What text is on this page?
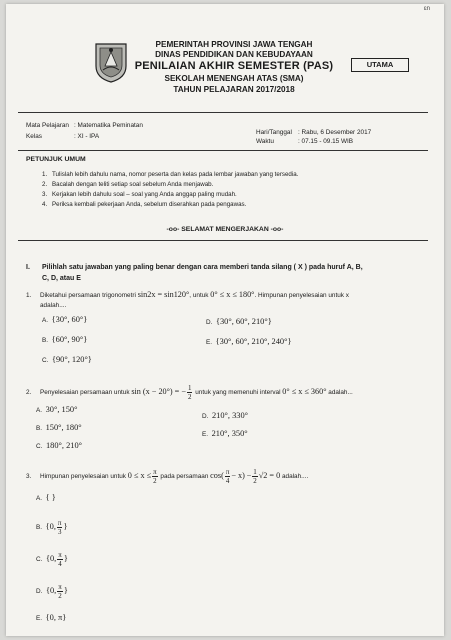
ɛn
PEMERINTAH PROVINSI JAWA TENGAH
DINAS PENDIDIKAN DAN KEBUDAYAAN
PENILAIAN AKHIR SEMESTER (PAS)
SEKOLAH MENENGAH ATAS (SMA)
TAHUN PELAJARAN 2017/2018
UTAMA
Mata Pelajaran : Matematika Peminatan
Kelas	: XI - IPA
Hari/Tanggal : Rabu, 6 Desember 2017
Waktu	: 07.15 - 09.15 WIB
PETUNJUK UMUM
1. Tulislah lebih dahulu nama, nomor peserta dan kelas pada lembar jawaban yang tersedia.
2. Bacalah dengan teliti setiap soal sebelum Anda menjawab.
3. Kerjakan lebih dahulu soal – soal yang Anda anggap paling mudah.
4. Periksa kembali pekerjaan Anda, sebelum diserahkan pada pengawas.
-oo- SELAMAT MENGERJAKAN -oo-
I. Pilihlah satu jawaban yang paling benar dengan cara memberi tanda silang ( X ) pada huruf A, B,
C, D, atau E
1. Diketahui persamaan trigonometri sin2x = sin120°, untuk 0° ≤ x ≤ 180°. Himpunan penyelesaian untuk x
adalah....
A. {30°, 60°}
B. {60°, 90°}
C. {90°, 120°}
D. {30°, 60°, 210°}
E. {30°, 60°, 210°, 240°}
2. Penyelesaian persamaan untuk sin (x − 20°) = − $\frac{1}{2}$ untuk yang memenuhi interval 0° ≤ x ≤ 360° adalah...
A. 30°, 150°
B. 150°, 180°
C. 180°, 210°
D. 210°, 330°
E. 210°, 350°
3. Himpunan penyelesaian untuk $0 \le x \le \frac{\pi}{2}$ pada persamaan $\cos( \frac{\pi}{4} - x) - \frac{1}{2} √2 = 0$ adalah....
A. { }
B. {0, $\frac{\pi}{3}$ }
C. {0, $\frac{\pi}{4}$ }
D. {0, $\frac{\pi}{2}$ }
E. {0, π}
